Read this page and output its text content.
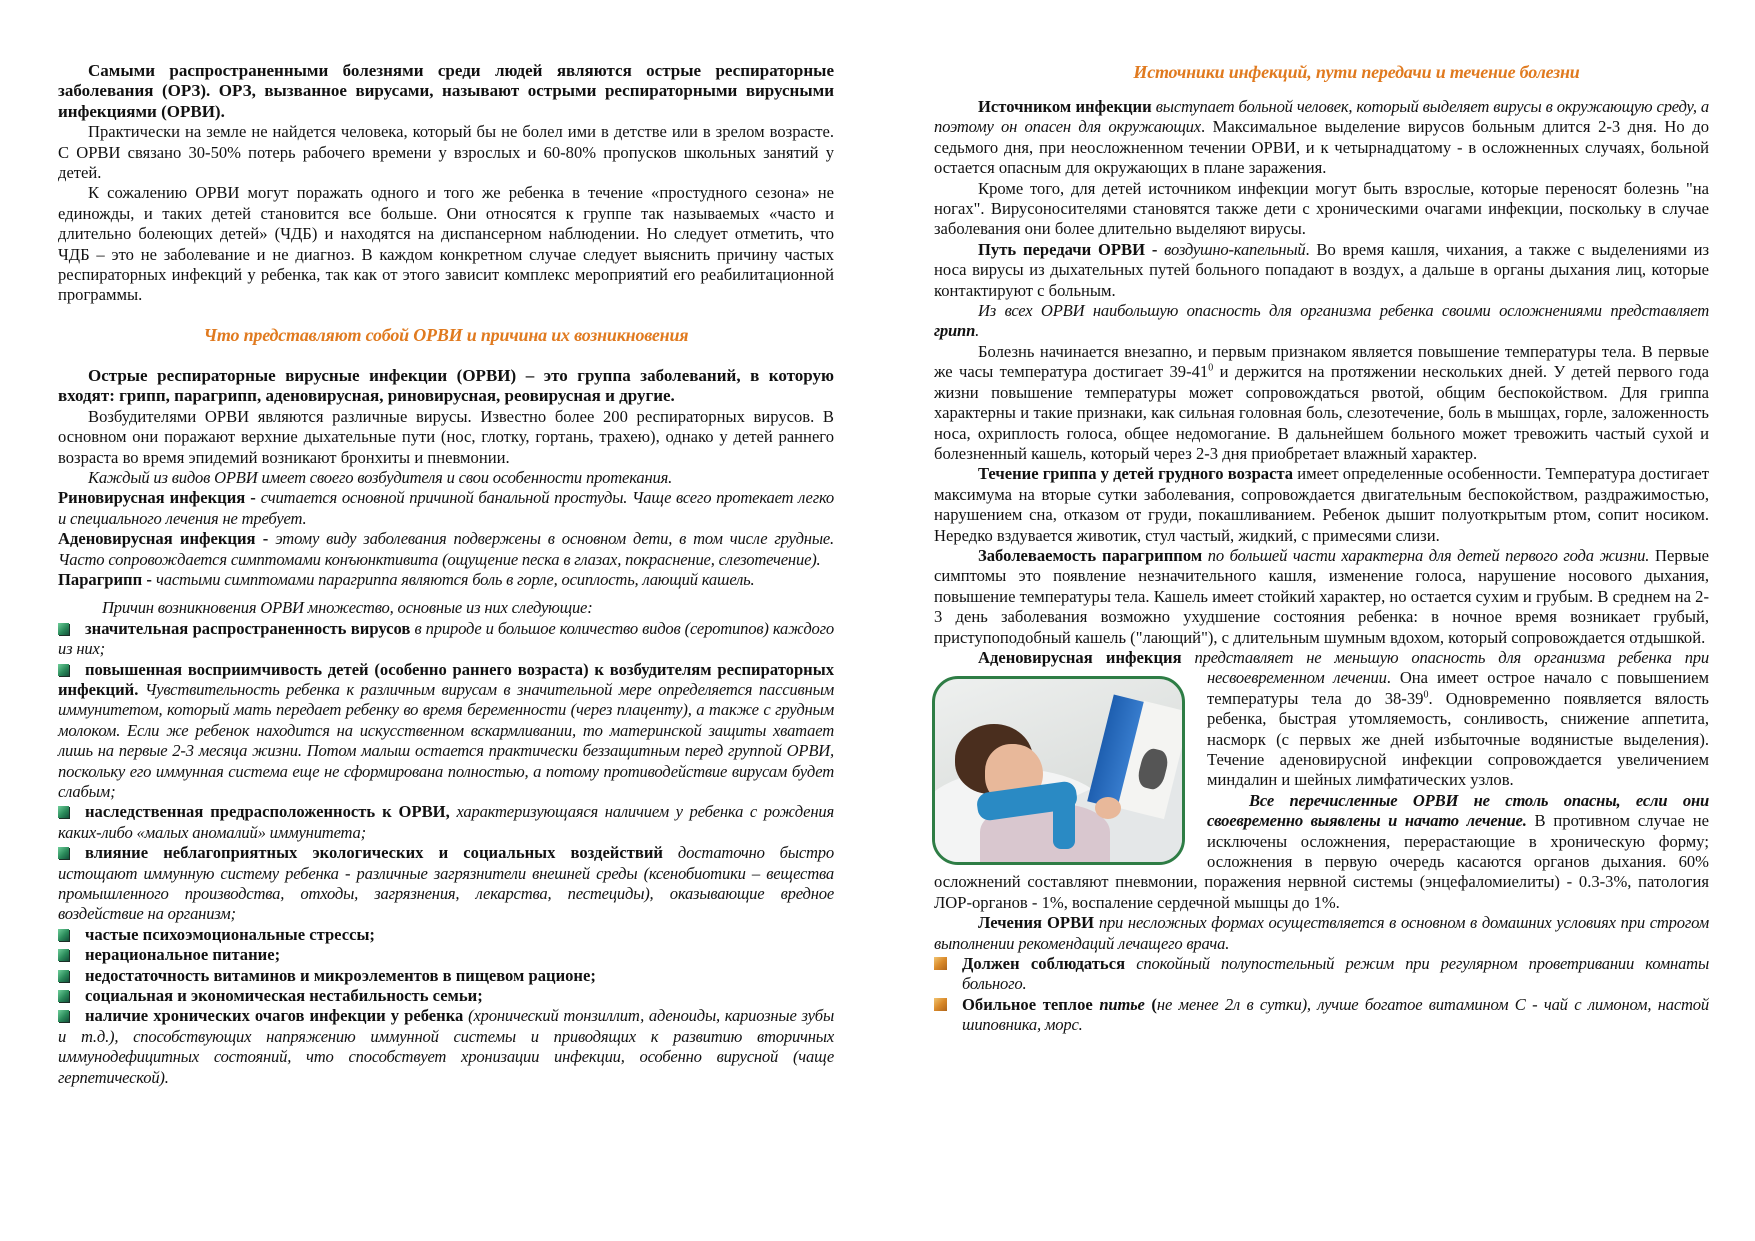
Самыми распространенными болезнями среди людей являются острые респираторные заболевания (ОРЗ). ОРЗ, вызванное вирусами, называют острыми респираторными вирусными инфекциями (ОРВИ).

Практически на земле не найдется человека, который бы не болел ими в детстве или в зрелом возрасте. С ОРВИ связано 30-50% потерь рабочего времени у взрослых и 60-80% пропусков школьных занятий у детей.

К сожалению ОРВИ могут поражать одного и того же ребенка в течение «простудного сезона» не единожды, и таких детей становится все больше. Они относятся к группе так называемых «часто и длительно болеющих детей» (ЧДБ) и находятся на диспансерном наблюдении. Но следует отметить, что ЧДБ – это не заболевание и не диагноз. В каждом конкретном случае следует выяснить причину частых респираторных инфекций у ребенка, так как от этого зависит комплекс мероприятий его реабилитационной программы.

Что представляют собой ОРВИ и причина их возникновения

Острые респираторные вирусные инфекции (ОРВИ) – это группа заболеваний, в которую входят: грипп, парагрипп, аденовирусная, риновирусная, реовирусная и другие.

Возбудителями ОРВИ являются различные вирусы. Известно более 200 респираторных вирусов. В основном они поражают верхние дыхательные пути (нос, глотку, гортань, трахею), однако у детей раннего возраста во время эпидемий возникают бронхиты и пневмонии.

Каждый из видов ОРВИ имеет своего возбудителя и свои особенности протекания.

Риновирусная инфекция - считается основной причиной банальной простуды. Чаще всего протекает легко и специального лечения не требует.

Аденовирусная инфекция - этому виду заболевания подвержены в основном дети, в том числе грудные. Часто сопровождается симптомами конъюнктивита (ощущение песка в глазах, покраснение, слезотечение).

Парагрипп - частыми симптомами парагриппа являются боль в горле, осиплость, лающий кашель.

Причин возникновения ОРВИ множество, основные из них следующие:

значительная распространенность вирусов в природе и большое количество видов (серотипов) каждого из них;

повышенная восприимчивость детей (особенно раннего возраста) к возбудителям респираторных инфекций. Чувствительность ребенка к различным вирусам в значительной мере определяется пассивным иммунитетом, который мать передает ребенку во время беременности (через плаценту), а также с грудным молоком. Если же ребенок находится на искусственном вскармливании, то материнской защиты хватает лишь на первые 2-3 месяца жизни. Потом малыш остается практически беззащитным перед группой ОРВИ, поскольку его иммунная система еще не сформирована полностью, а потому противодействие вирусам будет слабым;

наследственная предрасположенность к ОРВИ, характеризующаяся наличием у ребенка с рождения каких-либо «малых аномалий» иммунитета;

влияние неблагоприятных экологических и социальных воздействий достаточно быстро истощают иммунную систему ребенка - различные загрязнители внешней среды (ксенобиотики – вещества промышленного производства, отходы, загрязнения, лекарства, пестециды), оказывающие вредное воздействие на организм;

частые психоэмоциональные стрессы;

нерациональное питание;

недостаточность витаминов и микроэлементов в пищевом рационе;

социальная и экономическая нестабильность семьи;

наличие хронических очагов инфекции у ребенка (хронический тонзиллит, аденоиды, кариозные зубы и т.д.), способствующих напряжению иммунной системы и приводящих к развитию вторичных иммунодефицитных состояний, что способствует хронизации инфекции, особенно вирусной (чаще герпетической).

Источники инфекций, пути передачи и течение болезни

Источником инфекции выступает больной человек, который выделяет вирусы в окружающую среду, а поэтому он опасен для окружающих. Максимальное выделение вирусов больным длится 2-3 дня. Но до седьмого дня, при неосложненном течении ОРВИ, и к четырнадцатому - в осложненных случаях, больной остается опасным для окружающих в плане заражения.

Кроме того, для детей источником инфекции могут быть взрослые, которые переносят болезнь "на ногах". Вирусоносителями становятся также дети с хроническими очагами инфекции, поскольку в случае заболевания они более длительно выделяют вирусы.

Путь передачи ОРВИ - воздушно-капельный. Во время кашля, чихания, а также с выделениями из носа вирусы из дыхательных путей больного попадают в воздух, а дальше в органы дыхания лиц, которые контактируют с больным.

Из всех ОРВИ наибольшую опасность для организма ребенка своими осложнениями представляет грипп.

Болезнь начинается внезапно, и первым признаком является повышение температуры тела. В первые же часы температура достигает $39-41^0$ и держится на протяжении нескольких дней. У детей первого года жизни повышение температуры может сопровождаться рвотой, общим беспокойством. Для гриппа характерны и такие признаки, как сильная головная боль, слезотечение, боль в мышцах, горле, заложенность носа, охриплость голоса, общее недомогание. В дальнейшем больного может тревожить частый сухой и болезненный кашель, который через 2-3 дня приобретает влажный характер.

Течение гриппа у детей грудного возраста имеет определенные особенности. Температура достигает максимума на вторые сутки заболевания, сопровождается двигательным беспокойством, раздражимостью, нарушением сна, отказом от груди, покашливанием. Ребенок дышит полуоткрытым ртом, сопит носиком. Нередко вздувается животик, стул частый, жидкий, с примесями слизи.

Заболеваемость парагриппом по большей части характерна для детей первого года жизни. Первые симптомы это появление незначительного кашля, изменение голоса, нарушение носового дыхания, повышение температуры тела. Кашель имеет стойкий характер, но остается сухим и грубым. В среднем на 2-3 день заболевания возможно ухудшение состояния ребенка: в ночное время возникает грубый, приступоподобный кашель ("лающий"), с длительным шумным вдохом, который сопровождается отдышкой.

Аденовирусная инфекция представляет не меньшую опасность для организма ребенка при несвоевременном лечении
. Она имеет острое начало с повышением температуры тела до $38-39^0$. Одновременно появляется вялость ребенка, быстрая утомляемость, сонливость, снижение аппетита, насморк (с первых же дней избыточные водянистые выделения). Течение аденовирусной инфекции сопровождается увеличением миндалин и шейных лимфатических узлов.

Все перечисленные ОРВИ не столь опасны, если они своевременно выявлены и начато лечение. В противном случае не исключены осложнения, перерастающие в хроническую форму; осложнения в первую очередь касаются органов дыхания. 60% осложнений составляют пневмонии, поражения нервной системы (энцефаломиелиты) - 0.3-3%, патология ЛОР-органов - 1%, воспаление сердечной мышцы до 1%.

Лечения ОРВИ при несложных формах осуществляется в основном в домашних условиях при строгом выполнении рекомендаций лечащего врача.

Должен соблюдаться спокойный полупостельный режим при регулярном проветривании комнаты больного.

Обильное теплое питье (не менее 2л в сутки), лучше богатое витамином С - чай с лимоном, настой шиповника, морс.
